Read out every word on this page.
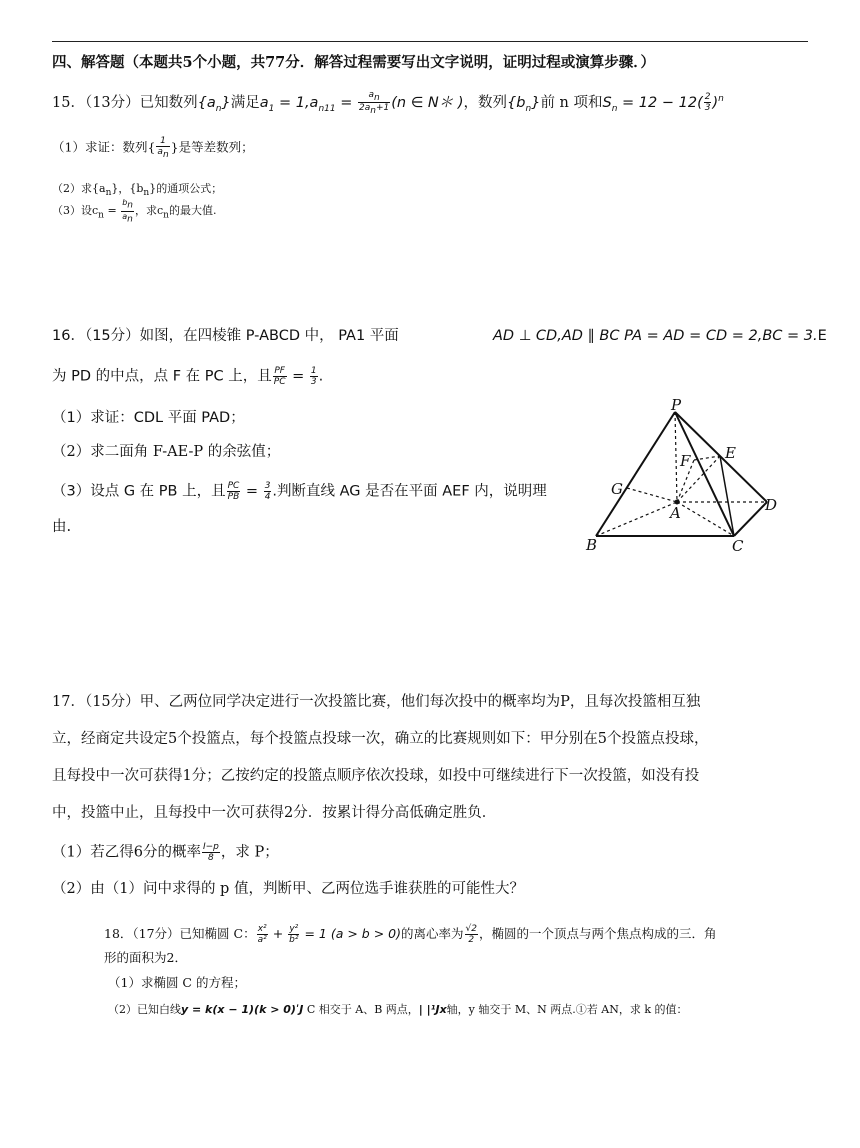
四、解答题（本题共5个小题，共77分．解答过程需要写出文字说明，证明过程或演算步骤．）
15．（13分）已知数列$\{a_n\}$满足$a_1 = 1,a_{n11} = \frac{a_n}{2a_n+1} (n$ ∈ N＊ )，数列$\{b_n\}$前 n 项和$S_n = 12 - 12( \frac{2}{3} )^n$
（1）求证：数列{ $\frac{1}{a_n}$ }是等差数列；
（2）求$\{a_n\}$，$\{b_n\}$的通项公式；
（3）设$c_n = \frac{b_n}{a_n}$ ，求$c_n$的最大值.
16．（15分）如图，在四棱锥 P-ABCD 中， PA1 平面	AD ⊥ CD,AD ∥ BC PA = AD = CD = 2,BC = 3.E
为 PD 的中点，点 F 在 PC 上，且 $\frac{PF}{PC} = \frac{1}{3}$ .
（1）求证：CDL 平面 PAD；
（2）求二面角 F-AE-P 的余弦值；
（3）设点 G 在 PB 上，且 $\frac{PC}{PB} = \frac{3}{4}$ .判断直线 AG 是否在平面 AEF 内，说明理
由.
P
E
F
G
A	D
B	C
17．（15分）甲、乙两位同学决定进行一次投篮比赛，他们每次投中的概率均为P，且每次投篮相互独
立，经商定共设定5个投篮点，每个投篮点投球一次，确立的比赛规则如下：甲分别在5个投篮点投球，
且每投中一次可获得1分；乙按约定的投篮点顺序依次投球，如投中可继续进行下一次投篮，如没有投
中，投篮中止，且每投中一次可获得2分．按累计得分高低确定胜负．
（1）若乙得6分的概率 $\frac{I-p}{8}$ ，求 P；
（2）由（1）问中求得的 p 值，判断甲、乙两位选手谁获胜的可能性大？
18．（17分）已知椭圆 C： $\frac{\text{x²}}{\text{a²}} + \frac{\text{y²}}{\text{b²}} = 1$ (a > b > 0)的离心率为 $\frac{√2}{2}$ ，椭圆的一个顶点与两个焦点构成的三．角
形的面积为2．
（1）求椭圆 C 的方程；
（2）已知白线y = k(x − 1)(k > 0)ʹJ C 相交于 A、B 两点，| |¹Jx轴，y 轴交于 M、N 两点.①若 AN，求 k 的值：
